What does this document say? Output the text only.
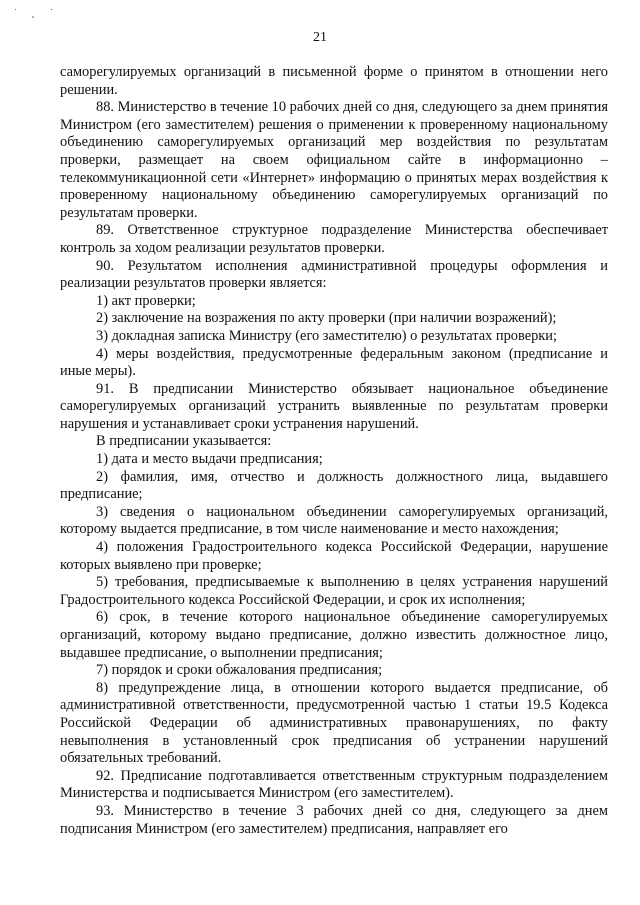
˙ ˛ ˙
21

саморегулируемых организаций в письменной форме о принятом в отношении него решении.

88. Министерство в течение 10 рабочих дней со дня, следующего за днем принятия Министром (его заместителем) решения о применении к проверенному национальному объединению саморегулируемых организаций мер воздействия по результатам проверки, размещает на своем официальном сайте в информационно – телекоммуникационной сети «Интернет» информацию о принятых мерах воздействия к проверенному национальному объединению саморегулируемых организаций по результатам проверки.

89. Ответственное структурное подразделение Министерства обеспечивает контроль за ходом реализации результатов проверки.

90. Результатом исполнения административной процедуры оформления и реализации результатов проверки является:

1) акт проверки;

2) заключение на возражения по акту проверки (при наличии возражений);

3) докладная записка Министру (его заместителю) о результатах проверки;

4) меры воздействия, предусмотренные федеральным законом (предписание и иные меры).

91. В предписании Министерство обязывает национальное объединение саморегулируемых организаций устранить выявленные по результатам проверки нарушения и устанавливает сроки устранения нарушений.

В предписании указывается:

1) дата и место выдачи предписания;

2) фамилия, имя, отчество и должность должностного лица, выдавшего предписание;

3) сведения о национальном объединении саморегулируемых организаций, которому выдается предписание, в том числе наименование и место нахождения;

4) положения Градостроительного кодекса Российской Федерации, нарушение которых выявлено при проверке;

5) требования, предписываемые к выполнению в целях устранения нарушений Градостроительного кодекса Российской Федерации, и срок их исполнения;

6) срок, в течение которого национальное объединение саморегулируемых организаций, которому выдано предписание, должно известить должностное лицо, выдавшее предписание, о выполнении предписания;

7) порядок и сроки обжалования предписания;

8) предупреждение лица, в отношении которого выдается предписание, об административной ответственности, предусмотренной частью 1 статьи 19.5 Кодекса Российской Федерации об административных правонарушениях, по факту невыполнения в установленный срок предписания об устранении нарушений обязательных требований.

92. Предписание подготавливается ответственным структурным подразделением Министерства и подписывается Министром (его заместителем).

93. Министерство в течение 3 рабочих дней со дня, следующего за днем подписания Министром (его заместителем) предписания, направляет его
